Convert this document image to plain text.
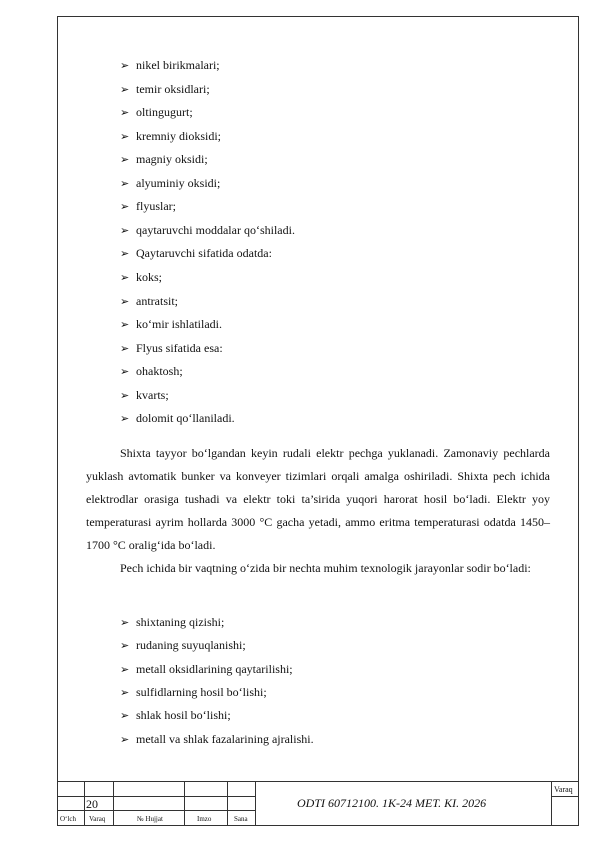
➢ nikel birikmalari;
➢ temir oksidlari;
➢ oltingugurt;
➢ kremniy dioksidi;
➢ magniy oksidi;
➢ alyuminiy oksidi;
➢ flyuslar;
➢ qaytaruvchi moddalar qo‘shiladi.
➢ Qaytaruvchi sifatida odatda:
➢ koks;
➢ antratsit;
➢ ko‘mir ishlatiladi.
➢ Flyus sifatida esa:
➢ ohaktosh;
➢ kvarts;
➢ dolomit qo‘llaniladi.
Shixta tayyor bo‘lgandan keyin rudali elektr pechga yuklanadi. Zamonaviy pechlarda yuklash avtomatik bunker va konveyer tizimlari orqali amalga oshiriladi. Shixta pech ichida elektrodlar orasiga tushadi va elektr toki ta’sirida yuqori harorat hosil bo‘ladi. Elektr yoy temperaturasi ayrim hollarda 3000 °C gacha yetadi, ammo eritma temperaturasi odatda 1450–1700 °C oralig‘ida bo‘ladi.
Pech ichida bir vaqtning o‘zida bir nechta muhim texnologik jarayonlar sodir bo‘ladi:
➢ shixtaning qizishi;
➢ rudaning suyuqlanishi;
➢ metall oksidlarining qaytarilishi;
➢ sulfidlarning hosil bo‘lishi;
➢ shlak hosil bo‘lishi;
➢ metall va shlak fazalarining ajralishi.
O‘lch Varaq	№ Hujjat	Imzo	Sana
20	ODTI 60712100. 1K-24 MET. KI. 2026
Varaq
